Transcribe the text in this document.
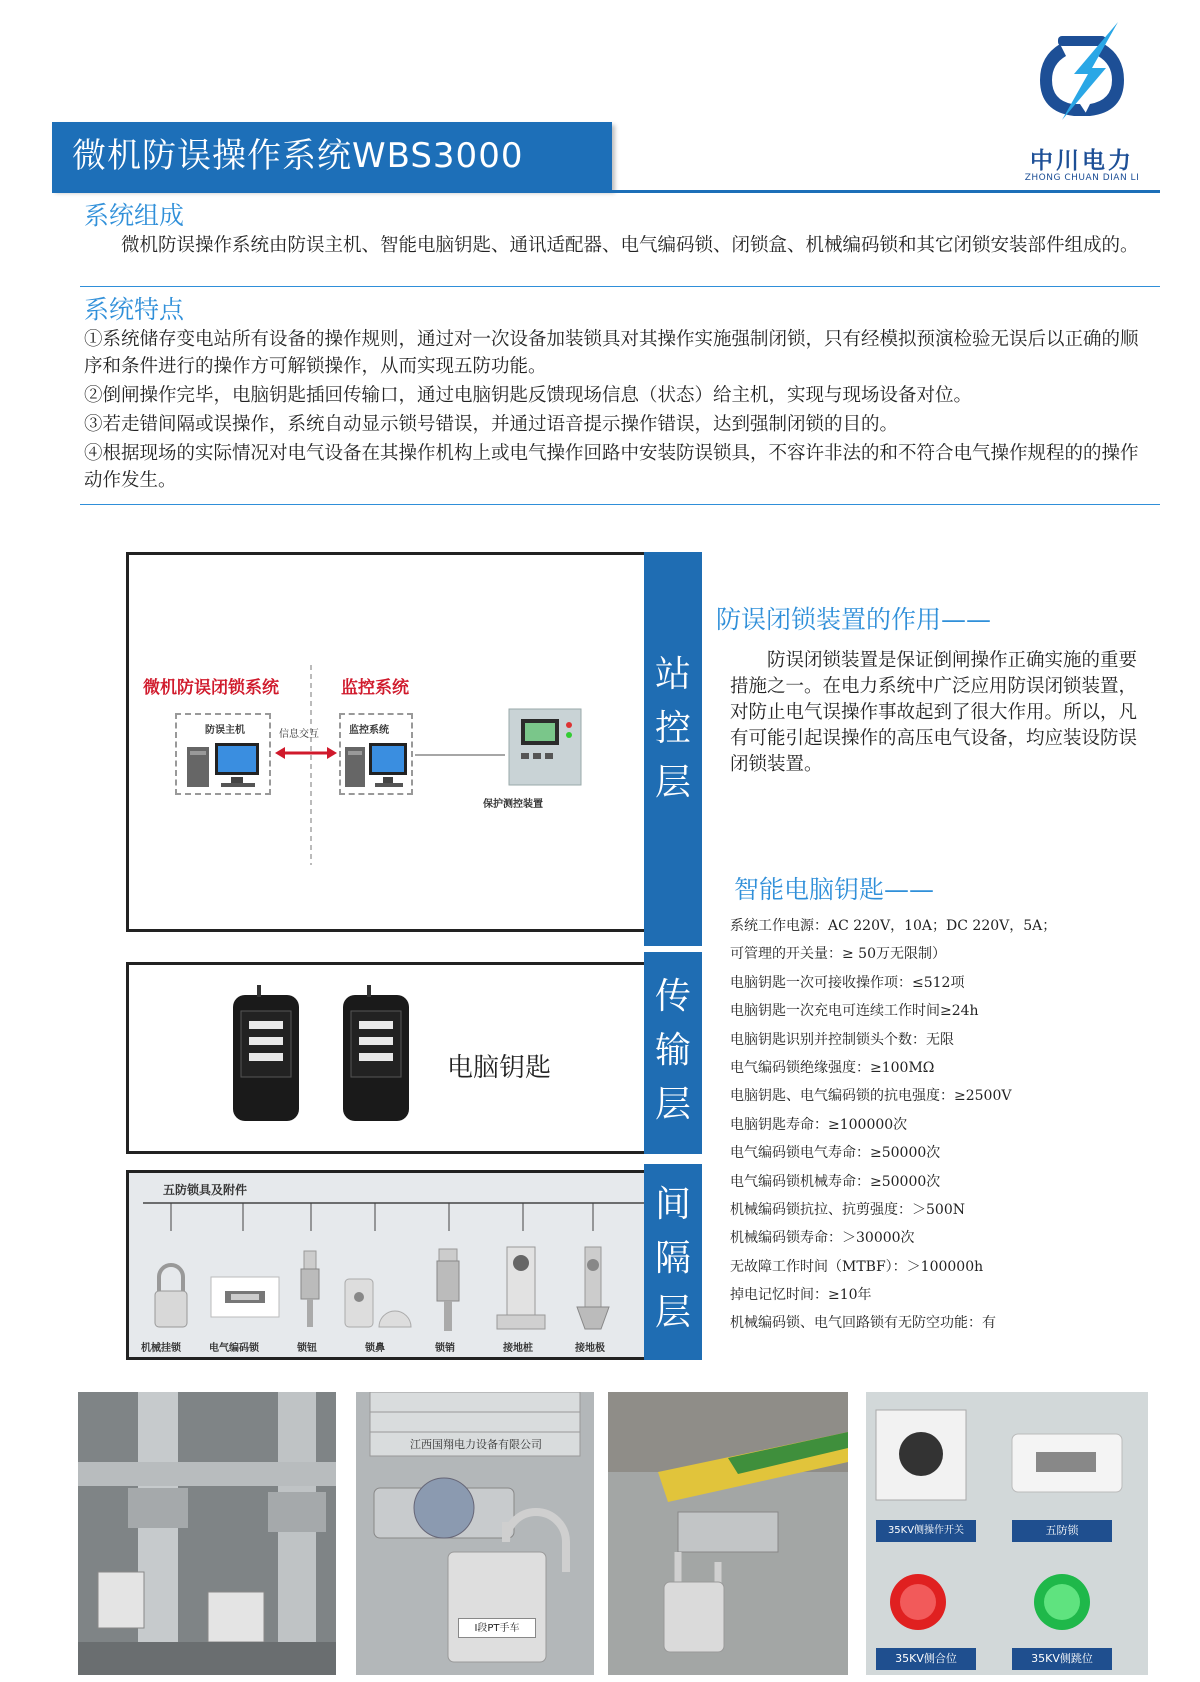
微机防误操作系统WBS3000	中川电力
ZHONG CHUAN DIAN LI
系统组成
微机防误操作系统由防误主机、智能电脑钥匙、通讯适配器、电气编码锁、闭锁盒、机械编码锁和其它闭锁安装部件组成的。
系统特点

①系统储存变电站所有设备的操作规则，通过对一次设备加装锁具对其操作实施强制闭锁，只有经模拟预演检验无误后以正确的顺序和条件进行的操作方可解锁操作，从而实现五防功能。

②倒闸操作完毕，电脑钥匙插回传输口，通过电脑钥匙反馈现场信息（状态）给主机，实现与现场设备对位。

③若走错间隔或误操作，系统自动显示锁号错误，并通过语音提示操作错误，达到强制闭锁的目的。

④根据现场的实际情况对电气设备在其操作机构上或电气操作回路中安装防误锁具，不容许非法的和不符合电气操作规程的的操作动作发生。

微机防误闭锁系统	监控系统
防误主机	信息交互	监控系统
保护测控装置
站
控
层
电脑钥匙
传
输
层
五防锁具及附件
机械挂锁	电气编码锁	锁钮	锁鼻	锁销	接地桩	接地极
间
隔
层
防误闭锁装置的作用——
防误闭锁装置是保证倒闸操作正确实施的重要措施之一。在电力系统中广泛应用防误闭锁装置，对防止电气误操作事故起到了很大作用。所以，凡有可能引起误操作的高压电气设备，均应装设防误闭锁装置。
智能电脑钥匙——
系统工作电源：AC 220V，10A；DC 220V，5A；
可管理的开关量：≥ 50万无限制）
电脑钥匙一次可接收操作项：≤512项
电脑钥匙一次充电可连续工作时间≥24h
电脑钥匙识别并控制锁头个数：无限
电气编码锁绝缘强度：≥100MΩ
电脑钥匙、电气编码锁的抗电强度：≥2500V
电脑钥匙寿命：≥100000次
电气编码锁电气寿命：≥50000次
电气编码锁机械寿命：≥50000次
机械编码锁抗拉、抗剪强度：＞500N
机械编码锁寿命：＞30000次
无故障工作时间（MTBF）：＞100000h
掉电记忆时间：≥10年
机械编码锁、电气回路锁有无防空功能：有
江西国翔电力设备有限公司
Ⅰ段PT手车
35KV侧操作开关	五防锁
35KV侧合位	35KV侧跳位
